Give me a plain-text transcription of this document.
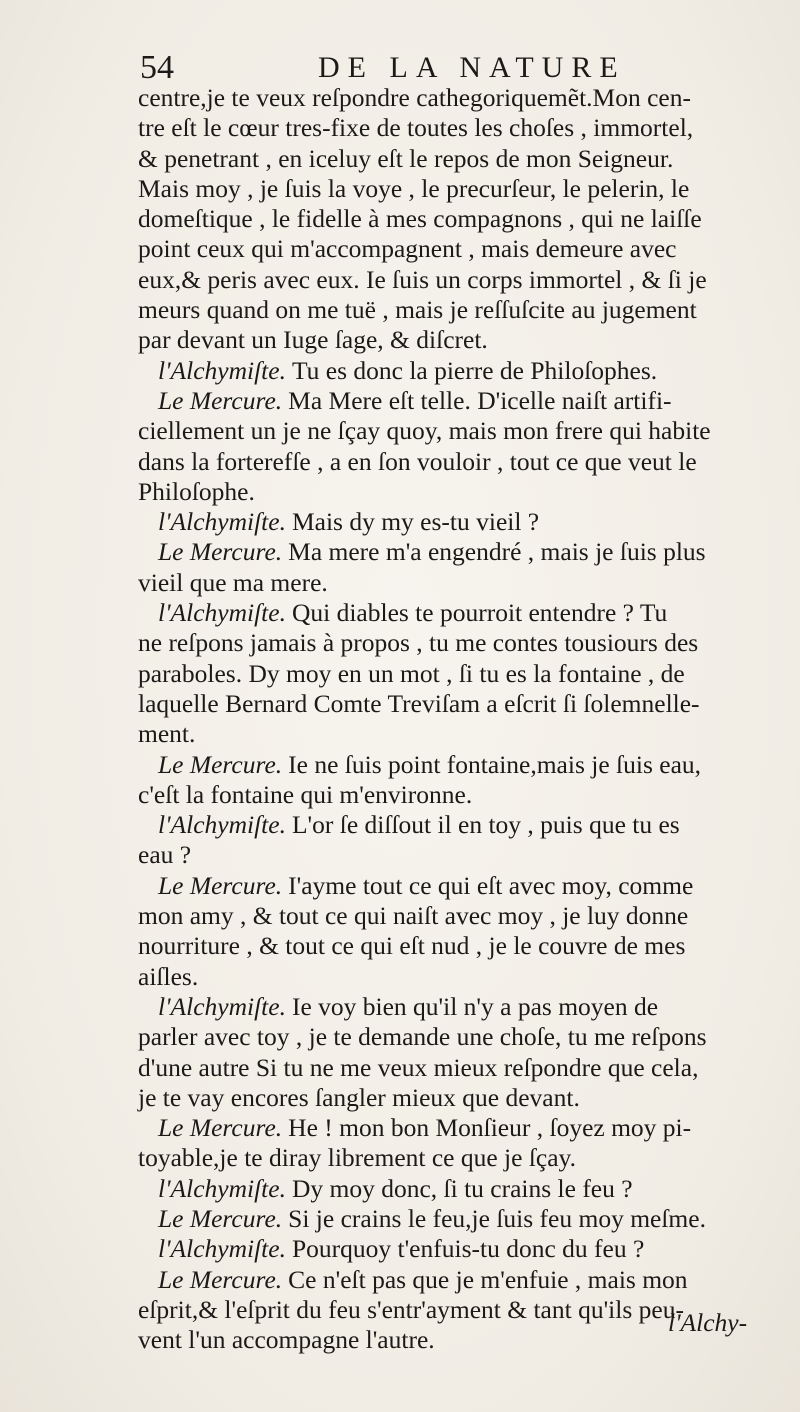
54	DE LA NATURE
centre,je te veux reſpondre cathegoriquemẽt.Mon cen-
tre eſt le cœur tres-fixe de toutes les choſes , immortel,
& penetrant , en iceluy eſt le repos de mon Seigneur.
Mais moy , je ſuis la voye , le precurſeur, le pelerin, le
domeſtique , le fidelle à mes compagnons , qui ne laiſſe
point ceux qui m'accompagnent , mais demeure avec
eux,& peris avec eux. Ie ſuis un corps immortel , & ſi je
meurs quand on me tuë , mais je reſſuſcite au jugement
par devant un Iuge ſage, & diſcret.
l'Alchymiſte. Tu es donc la pierre de Philoſophes.
Le Mercure. Ma Mere eſt telle. D'icelle naiſt artifi-
ciellement un je ne ſçay quoy, mais mon frere qui habite
dans la forterefſe , a en ſon vouloir , tout ce que veut le
Philoſophe.
l'Alchymiſte. Mais dy my es-tu vieil ?
Le Mercure. Ma mere m'a engendré , mais je ſuis plus
vieil que ma mere.
l'Alchymiſte. Qui diables te pourroit entendre ? Tu
ne reſpons jamais à propos , tu me contes tousiours des
paraboles. Dy moy en un mot , ſi tu es la fontaine , de
laquelle Bernard Comte Treviſam a eſcrit ſi ſolemnelle-
ment.
Le Mercure. Ie ne ſuis point fontaine,mais je ſuis eau,
c'eſt la fontaine qui m'environne.
l'Alchymiſte. L'or ſe diſſout il en toy , puis que tu es
eau ?
Le Mercure. I'ayme tout ce qui eſt avec moy, comme
mon amy , & tout ce qui naiſt avec moy , je luy donne
nourriture , & tout ce qui eſt nud , je le couvre de mes
aiſles.
l'Alchymiſte. Ie voy bien qu'il n'y a pas moyen de
parler avec toy , je te demande une choſe, tu me reſpons
d'une autre Si tu ne me veux mieux reſpondre que cela,
je te vay encores ſangler mieux que devant.
Le Mercure. He ! mon bon Monſieur , ſoyez moy pi-
toyable,je te diray librement ce que je ſçay.
l'Alchymiſte. Dy moy donc, ſi tu crains le feu ?
Le Mercure. Si je crains le feu,je ſuis feu moy meſme.
l'Alchymiſte. Pourquoy t'enfuis-tu donc du feu ?
Le Mercure. Ce n'eſt pas que je m'enfuie , mais mon
eſprit,& l'eſprit du feu s'entr'ayment & tant qu'ils peu-
vent l'un accompagne l'autre.
l'Alchy-
